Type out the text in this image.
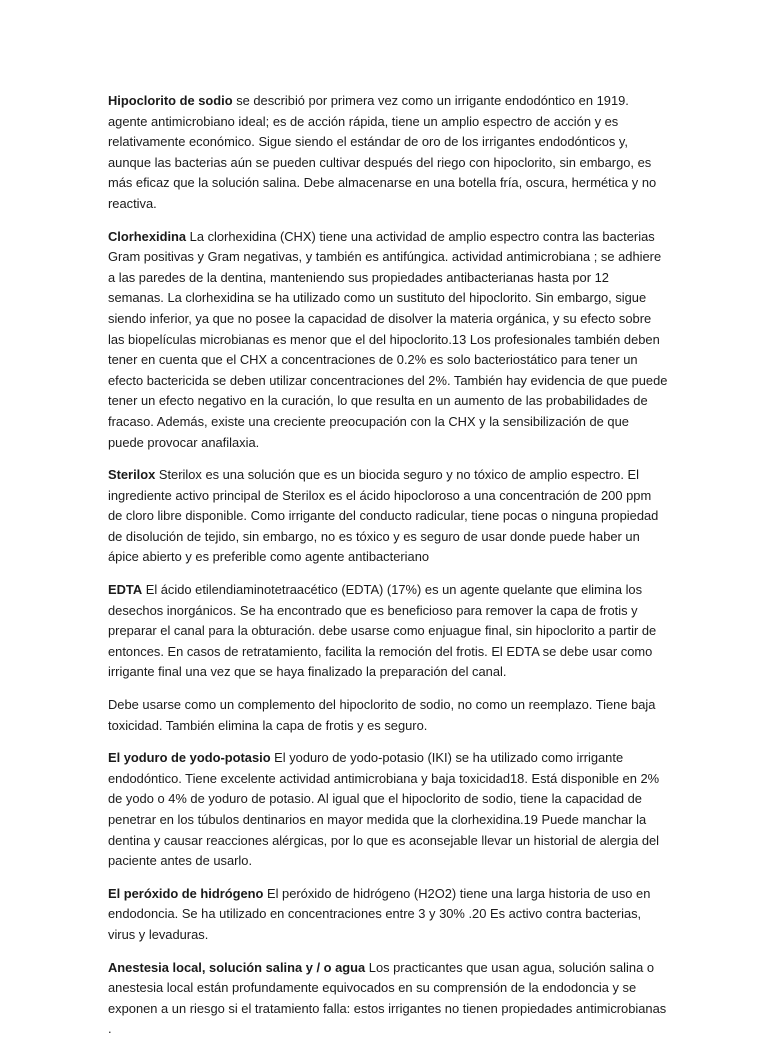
Hipoclorito de sodio se describió por primera vez como un irrigante endodóntico en 1919. agente antimicrobiano ideal; es de acción rápida, tiene un amplio espectro de acción y es relativamente económico. Sigue siendo el estándar de oro de los irrigantes endodónticos y, aunque las bacterias aún se pueden cultivar después del riego con hipoclorito, sin embargo, es más eficaz que la solución salina. Debe almacenarse en una botella fría, oscura, hermética y no reactiva.

Clorhexidina La clorhexidina (CHX) tiene una actividad de amplio espectro contra las bacterias Gram positivas y Gram negativas, y también es antifúngica. actividad antimicrobiana ; se adhiere a las paredes de la dentina, manteniendo sus propiedades antibacterianas hasta por 12 semanas. La clorhexidina se ha utilizado como un sustituto del hipoclorito. Sin embargo, sigue siendo inferior, ya que no posee la capacidad de disolver la materia orgánica, y su efecto sobre las biopelículas microbianas es menor que el del hipoclorito.13 Los profesionales también deben tener en cuenta que el CHX a concentraciones de 0.2% es solo bacteriostático para tener un efecto bactericida se deben utilizar concentraciones del 2%. También hay evidencia de que puede tener un efecto negativo en la curación, lo que resulta en un aumento de las probabilidades de fracaso. Además, existe una creciente preocupación con la CHX y la sensibilización de que puede provocar anafilaxia.

Sterilox Sterilox es una solución que es un biocida seguro y no tóxico de amplio espectro. El ingrediente activo principal de Sterilox es el ácido hipocloroso a una concentración de 200 ppm de cloro libre disponible. Como irrigante del conducto radicular, tiene pocas o ninguna propiedad de disolución de tejido, sin embargo, no es tóxico y es seguro de usar donde puede haber un ápice abierto y es preferible como agente antibacteriano

EDTA El ácido etilendiaminotetraacético (EDTA) (17%) es un agente quelante que elimina los desechos inorgánicos. Se ha encontrado que es beneficioso para remover la capa de frotis y preparar el canal para la obturación. debe usarse como enjuague final, sin hipoclorito a partir de entonces. En casos de retratamiento, facilita la remoción del frotis. El EDTA se debe usar como irrigante final una vez que se haya finalizado la preparación del canal.

Debe usarse como un complemento del hipoclorito de sodio, no como un reemplazo. Tiene baja toxicidad. También elimina la capa de frotis y es seguro.

El yoduro de yodo-potasio El yoduro de yodo-potasio (IKI) se ha utilizado como irrigante endodóntico. Tiene excelente actividad antimicrobiana y baja toxicidad18. Está disponible en 2% de yodo o 4% de yoduro de potasio. Al igual que el hipoclorito de sodio, tiene la capacidad de penetrar en los túbulos dentinarios en mayor medida que la clorhexidina.19 Puede manchar la dentina y causar reacciones alérgicas, por lo que es aconsejable llevar un historial de alergia del paciente antes de usarlo.

El peróxido de hidrógeno El peróxido de hidrógeno (H2O2) tiene una larga historia de uso en endodoncia. Se ha utilizado en concentraciones entre 3 y 30% .20 Es activo contra bacterias, virus y levaduras.

Anestesia local, solución salina y / o agua Los practicantes que usan agua, solución salina o anestesia local están profundamente equivocados en su comprensión de la endodoncia y se exponen a un riesgo si el tratamiento falla: estos irrigantes no tienen propiedades antimicrobianas .
